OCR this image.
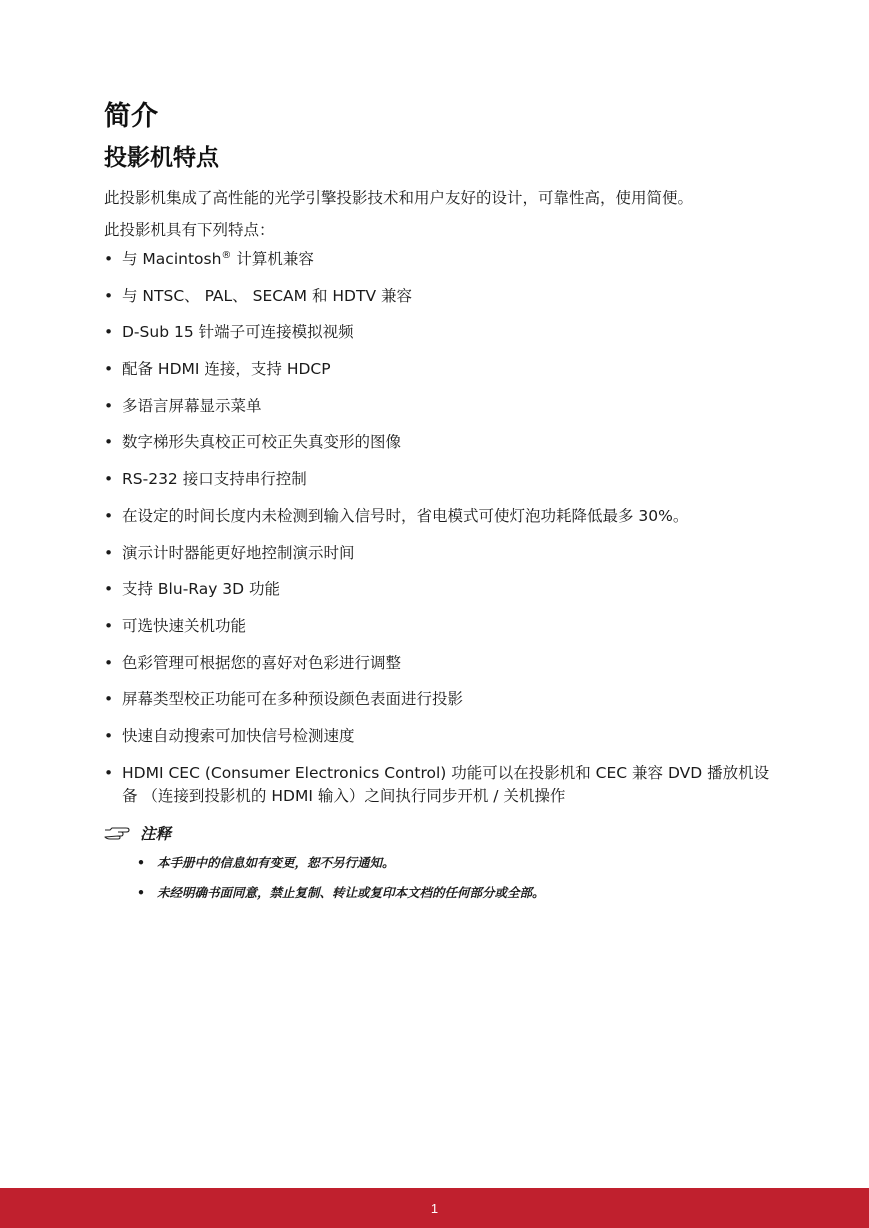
简介
投影机特点

此投影机集成了高性能的光学引擎投影技术和用户友好的设计，可靠性高，使用简便。

此投影机具有下列特点：

• 与 Macintosh® 计算机兼容
• 与 NTSC、 PAL、 SECAM 和 HDTV 兼容
• D-Sub 15 针端子可连接模拟视频
• 配备 HDMI 连接，支持 HDCP
• 多语言屏幕显示菜单
• 数字梯形失真校正可校正失真变形的图像
• RS-232 接口支持串行控制
• 在设定的时间长度内未检测到输入信号时，省电模式可使灯泡功耗降低最多 30%。
• 演示计时器能更好地控制演示时间
• 支持 Blu-Ray 3D 功能
• 可选快速关机功能
• 色彩管理可根据您的喜好对色彩进行调整
• 屏幕类型校正功能可在多种预设颜色表面进行投影
• 快速自动搜索可加快信号检测速度
• HDMI CEC (Consumer Electronics Control) 功能可以在投影机和 CEC 兼容 DVD 播放机设备 （连接到投影机的 HDMI 输入）之间执行同步开机 / 关机操作
注释
• 本手册中的信息如有变更，恕不另行通知。
• 未经明确书面同意，禁止复制、转让或复印本文档的任何部分或全部。
1
